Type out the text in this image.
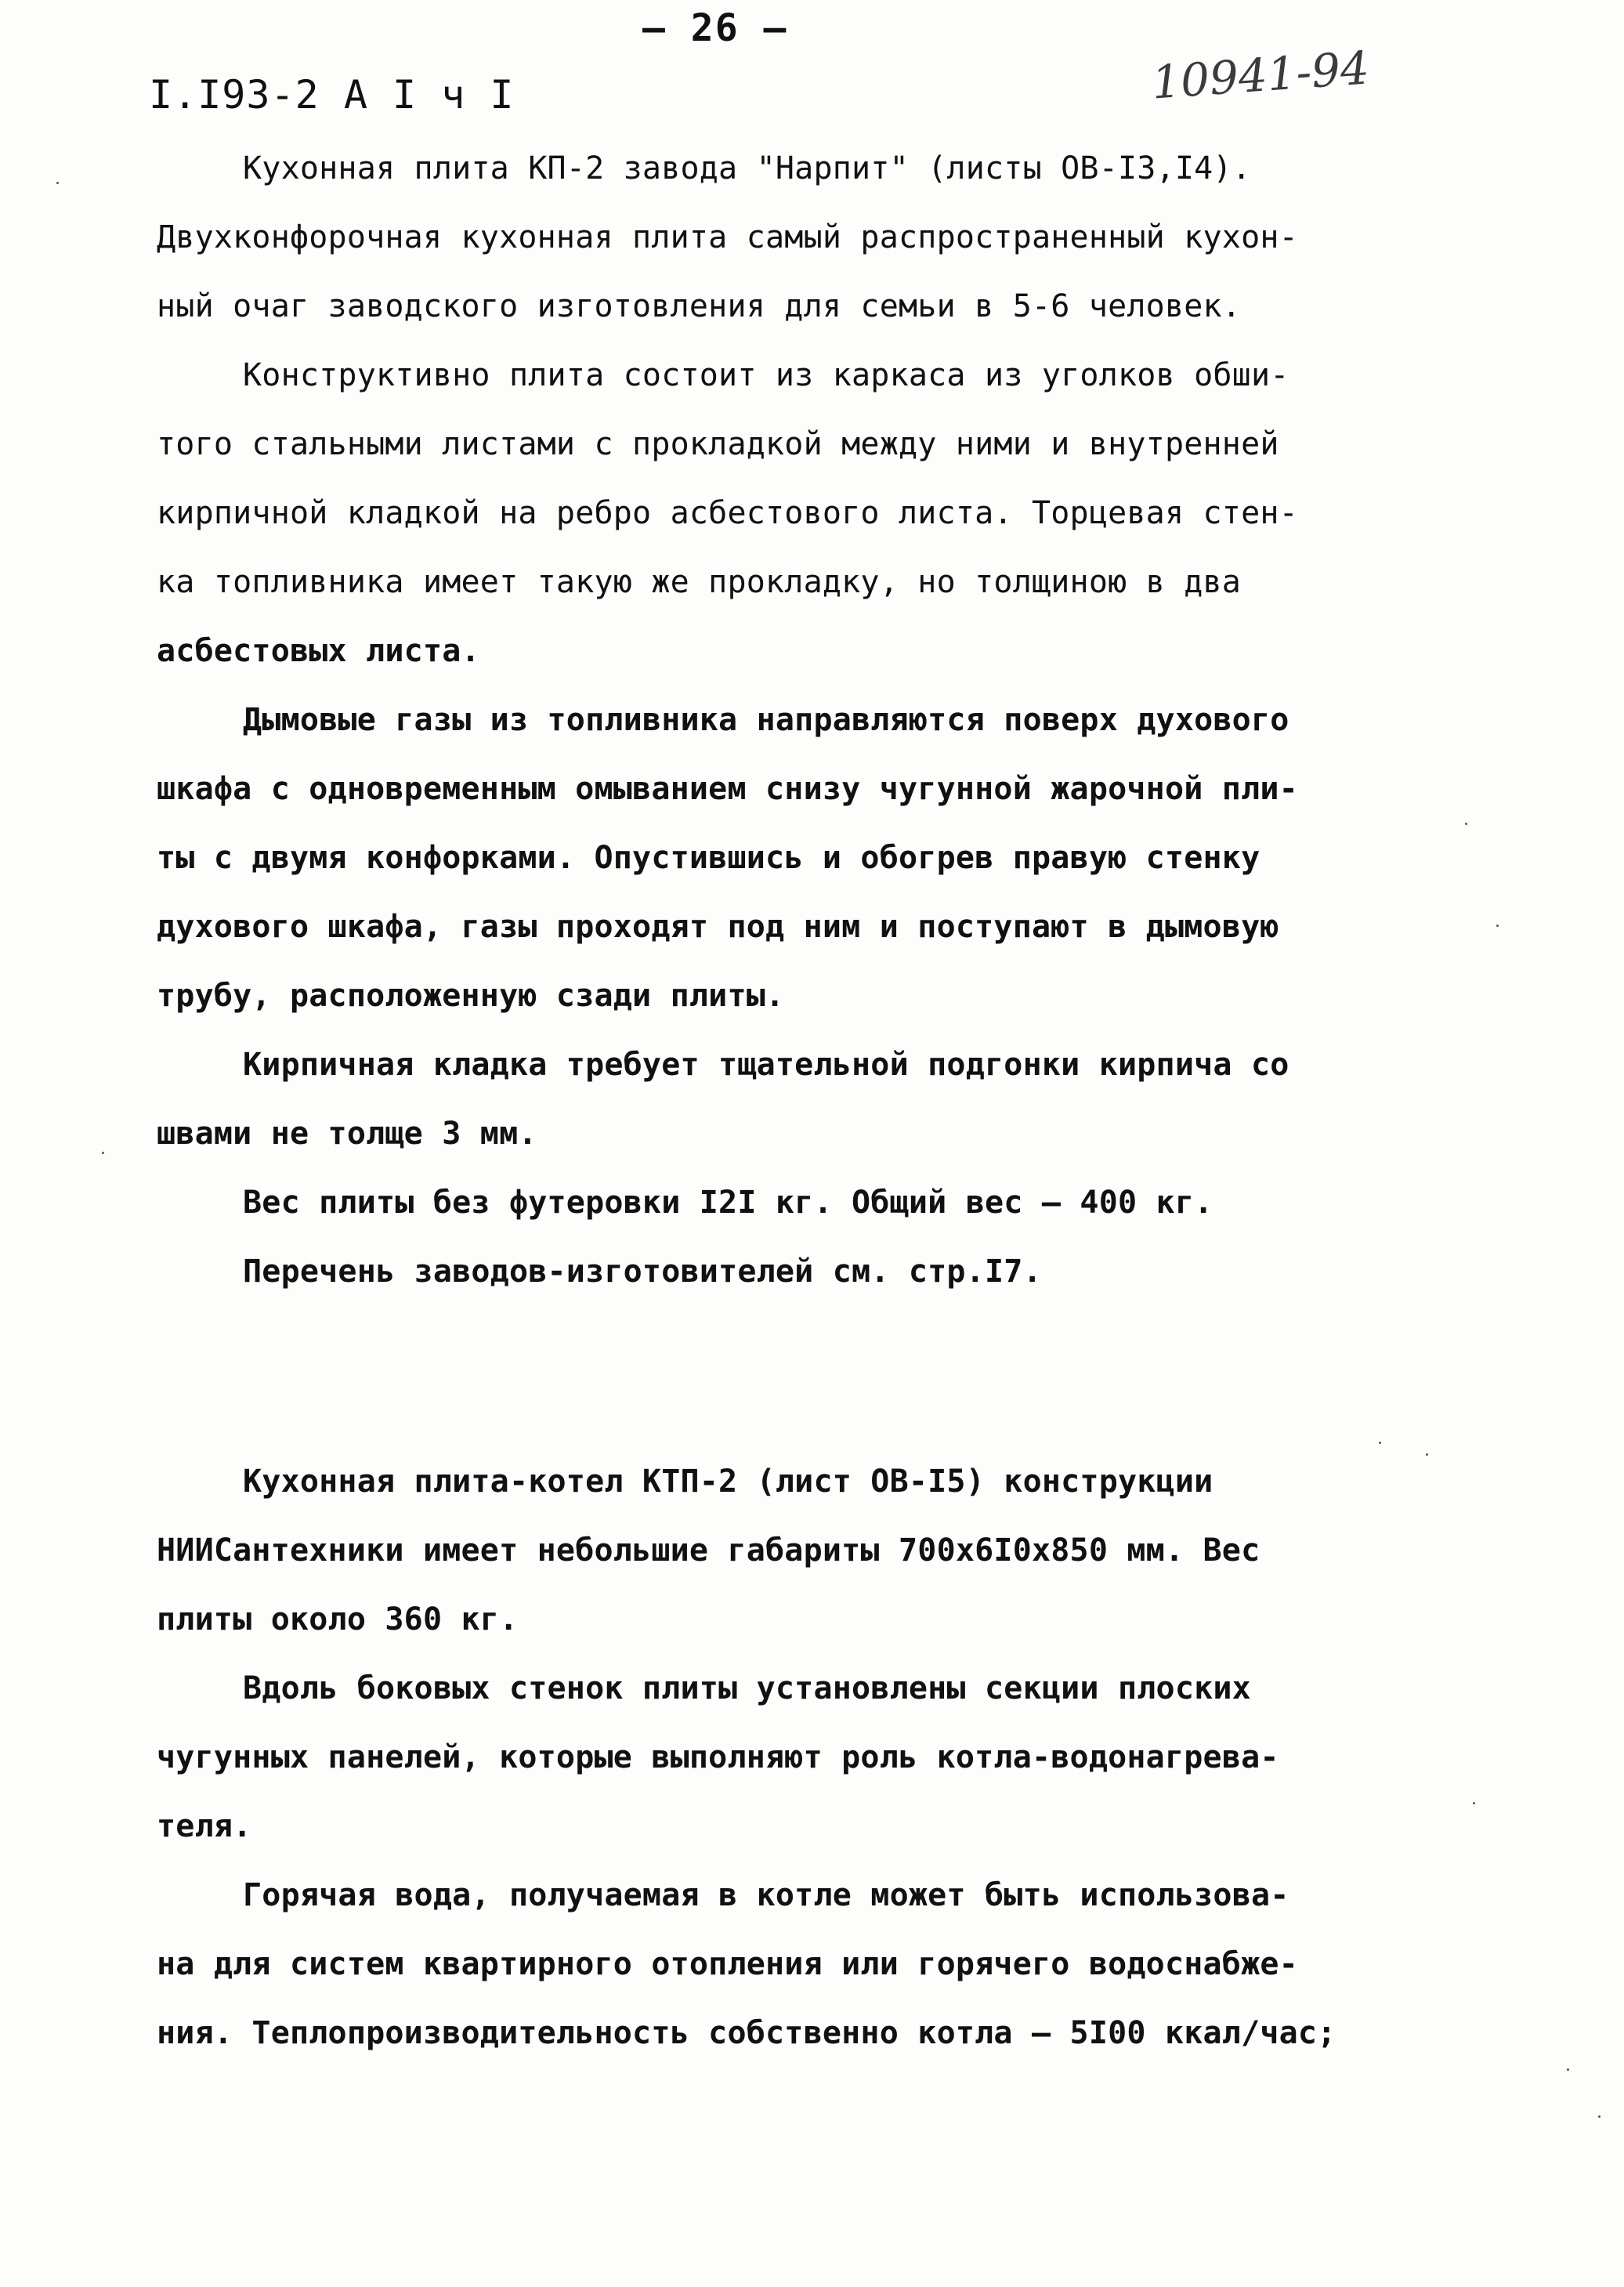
– 26 –
I.I93-2 A I ч I	10941-94
Кухонная плита КП-2 завода "Нарпит" (листы ОВ-I3,I4).
Двухконфорочная кухонная плита самый распространенный кухон-
ный очаг заводского изготовления для семьи в 5-6 человек.
Конструктивно плита состоит из каркаса из уголков обши-
того стальными листами с прокладкой между ними и внутренней
кирпичной кладкой на ребро асбестового листа. Торцевая стен-
ка топливника имеет такую же прокладку, но толщиною в два
асбестовых листа.
Дымовые газы из топливника направляются поверх духового
шкафа с одновременным омыванием снизу чугунной жарочной пли-
ты с двумя конфорками. Опустившись и обогрев правую стенку
духового шкафа, газы проходят под ним и поступают в дымовую
трубу, расположенную сзади плиты.
Кирпичная кладка требует тщательной подгонки кирпича со
швами не толще 3 мм.
Вес плиты без футеровки I2I кг. Общий вес – 400 кг.
Перечень заводов-изготовителей см. стр.I7.
Кухонная плита-котел КТП-2 (лист ОВ-I5) конструкции
НИИСантехники имеет небольшие габариты 700х6I0х850 мм. Вес
плиты около 360 кг.
Вдоль боковых стенок плиты установлены секции плоских
чугунных панелей, которые выполняют роль котла-водонагрева-
теля.
Горячая вода, получаемая в котле может быть использова-
на для систем квартирного отопления или горячего водоснабже-
ния. Теплопроизводительность собственно котла – 5I00 ккал/час;
